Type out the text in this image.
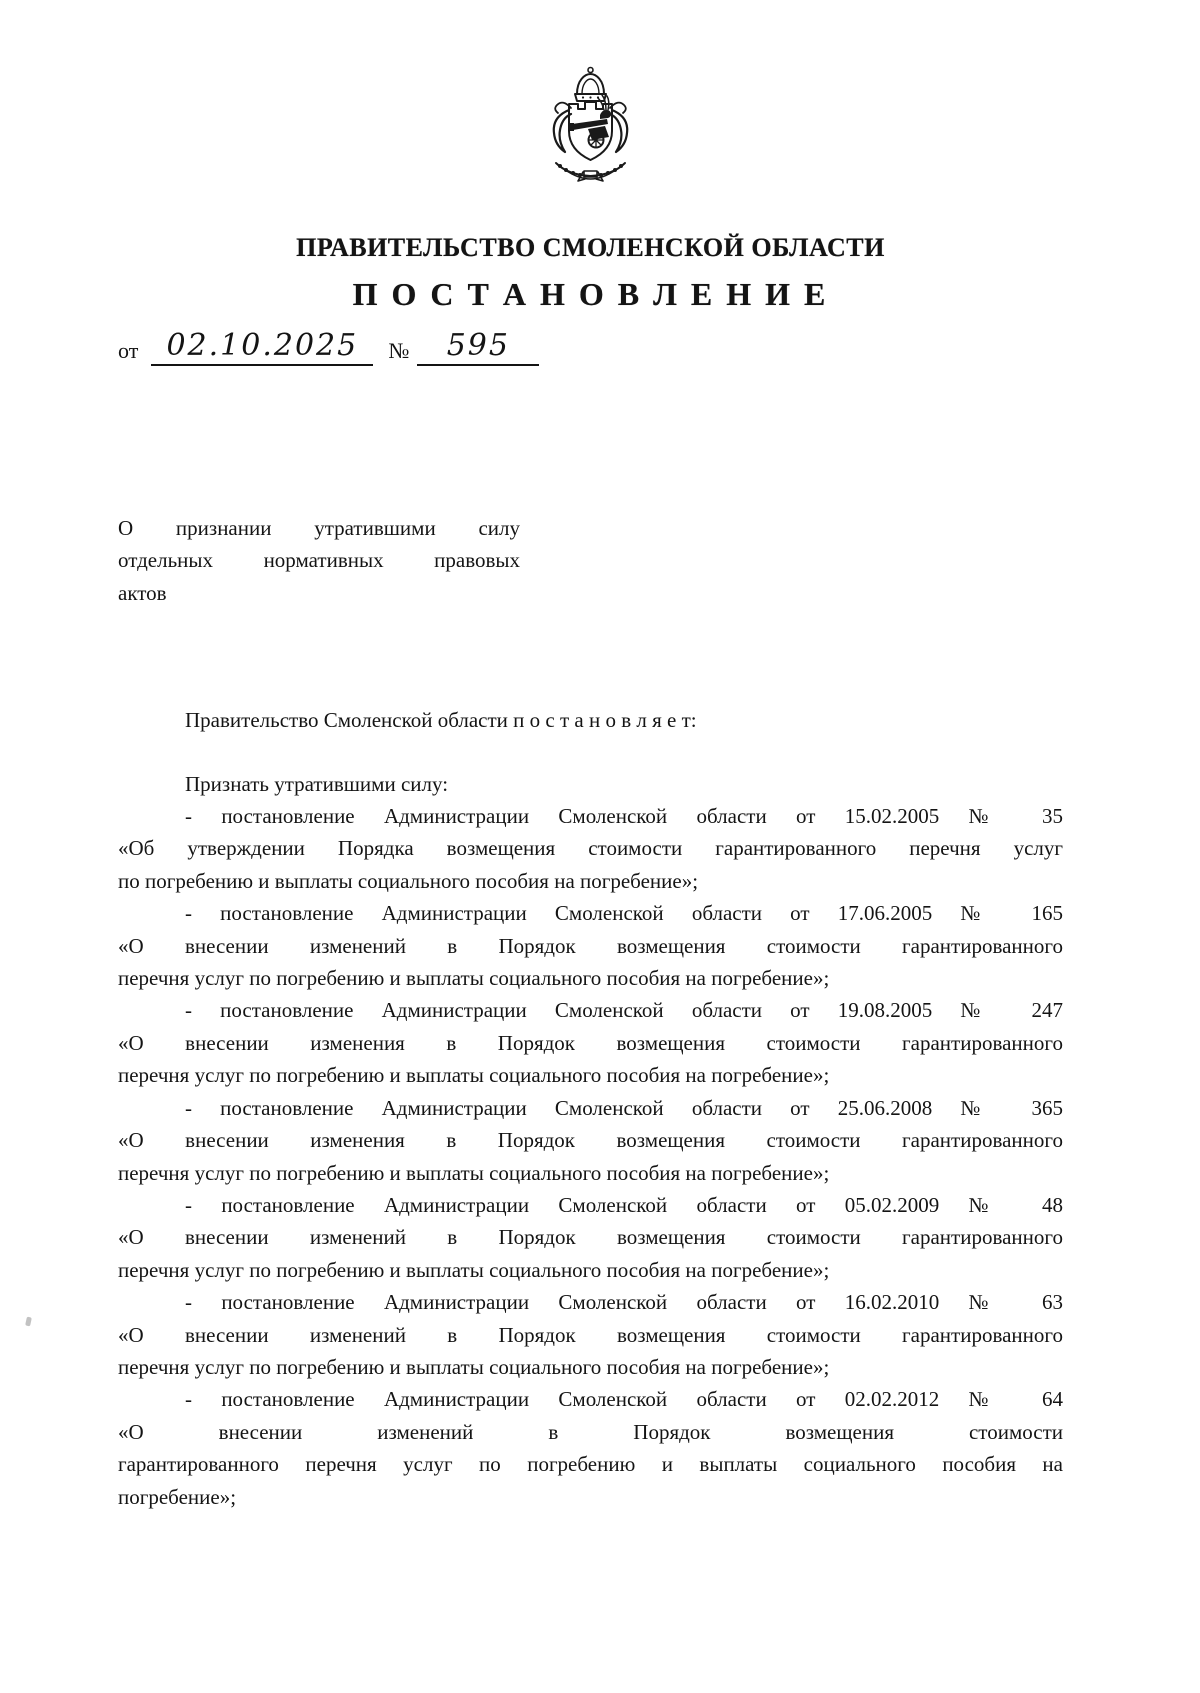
ПРАВИТЕЛЬСТВО СМОЛЕНСКОЙ ОБЛАСТИ
П О С Т А Н О В Л Е Н И Е
от 02.10.2025	№	595
О признании утратившими силу
отдельных нормативных правовых
актов

Правительство Смоленской области п о с т а н о в л я е т:

Признать утратившими силу:

- постановление Администрации Смоленской области от 15.02.2005 № 35
«Об утверждении Порядка возмещения стоимости гарантированного перечня услуг
по погребению и выплаты социального пособия на погребение»;
- постановление Администрации Смоленской области от 17.06.2005 № 165
«О внесении изменений в Порядок возмещения стоимости гарантированного
перечня услуг по погребению и выплаты социального пособия на погребение»;
- постановление Администрации Смоленской области от 19.08.2005 № 247
«О внесении изменения в Порядок возмещения стоимости гарантированного
перечня услуг по погребению и выплаты социального пособия на погребение»;
- постановление Администрации Смоленской области от 25.06.2008 № 365
«О внесении изменения в Порядок возмещения стоимости гарантированного
перечня услуг по погребению и выплаты социального пособия на погребение»;
- постановление Администрации Смоленской области от 05.02.2009 № 48
«О внесении изменений в Порядок возмещения стоимости гарантированного
перечня услуг по погребению и выплаты социального пособия на погребение»;
- постановление Администрации Смоленской области от 16.02.2010 № 63
«О внесении изменений в Порядок возмещения стоимости гарантированного
перечня услуг по погребению и выплаты социального пособия на погребение»;
- постановление Администрации Смоленской области от 02.02.2012 № 64
«О внесении изменений в Порядок возмещения стоимости
гарантированного перечня услуг по погребению и выплаты социального пособия на
погребение»;
